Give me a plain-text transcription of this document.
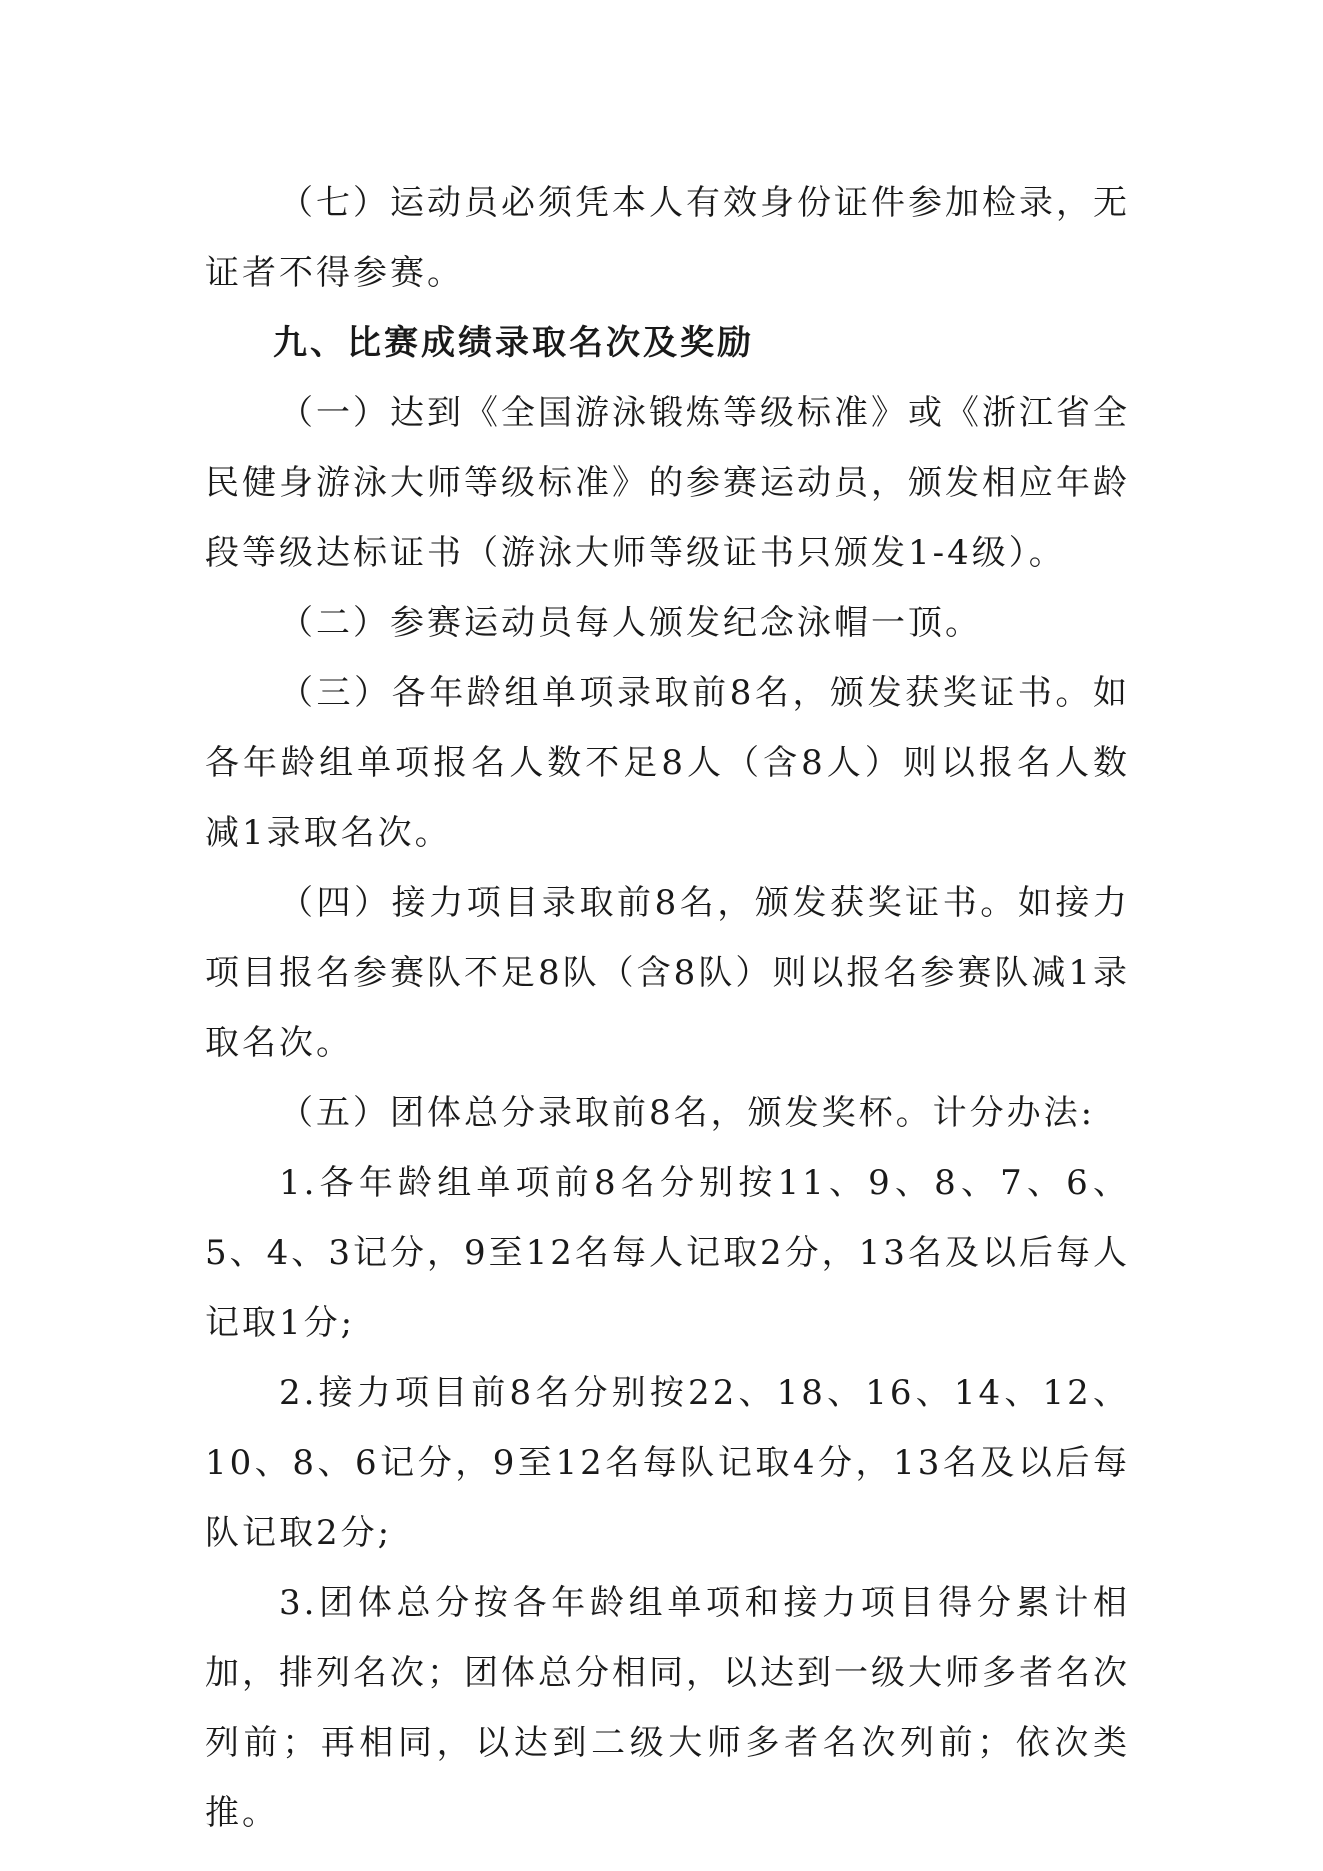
（七）运动员必须凭本人有效身份证件参加检录，无证者不得参赛。

九、比赛成绩录取名次及奖励

（一）达到《全国游泳锻炼等级标准》或《浙江省全民健身游泳大师等级标准》的参赛运动员，颁发相应年龄段等级达标证书（游泳大师等级证书只颁发1-4级）。

（二）参赛运动员每人颁发纪念泳帽一顶。

（三）各年龄组单项录取前8名，颁发获奖证书。如各年龄组单项报名人数不足8人（含8人）则以报名人数减1录取名次。

（四）接力项目录取前8名，颁发获奖证书。如接力项目报名参赛队不足8队（含8队）则以报名参赛队减1录取名次。

（五）团体总分录取前8名，颁发奖杯。计分办法:

1.各年龄组单项前8名分别按11、9、8、7、6、5、4、3记分，9至12名每人记取2分，13名及以后每人记取1分;

2.接力项目前8名分别按22、18、16、14、12、10、8、6记分，9至12名每队记取4分，13名及以后每队记取2分;

3.团体总分按各年龄组单项和接力项目得分累计相加，排列名次；团体总分相同，以达到一级大师多者名次列前；再相同，以达到二级大师多者名次列前；依次类推。
